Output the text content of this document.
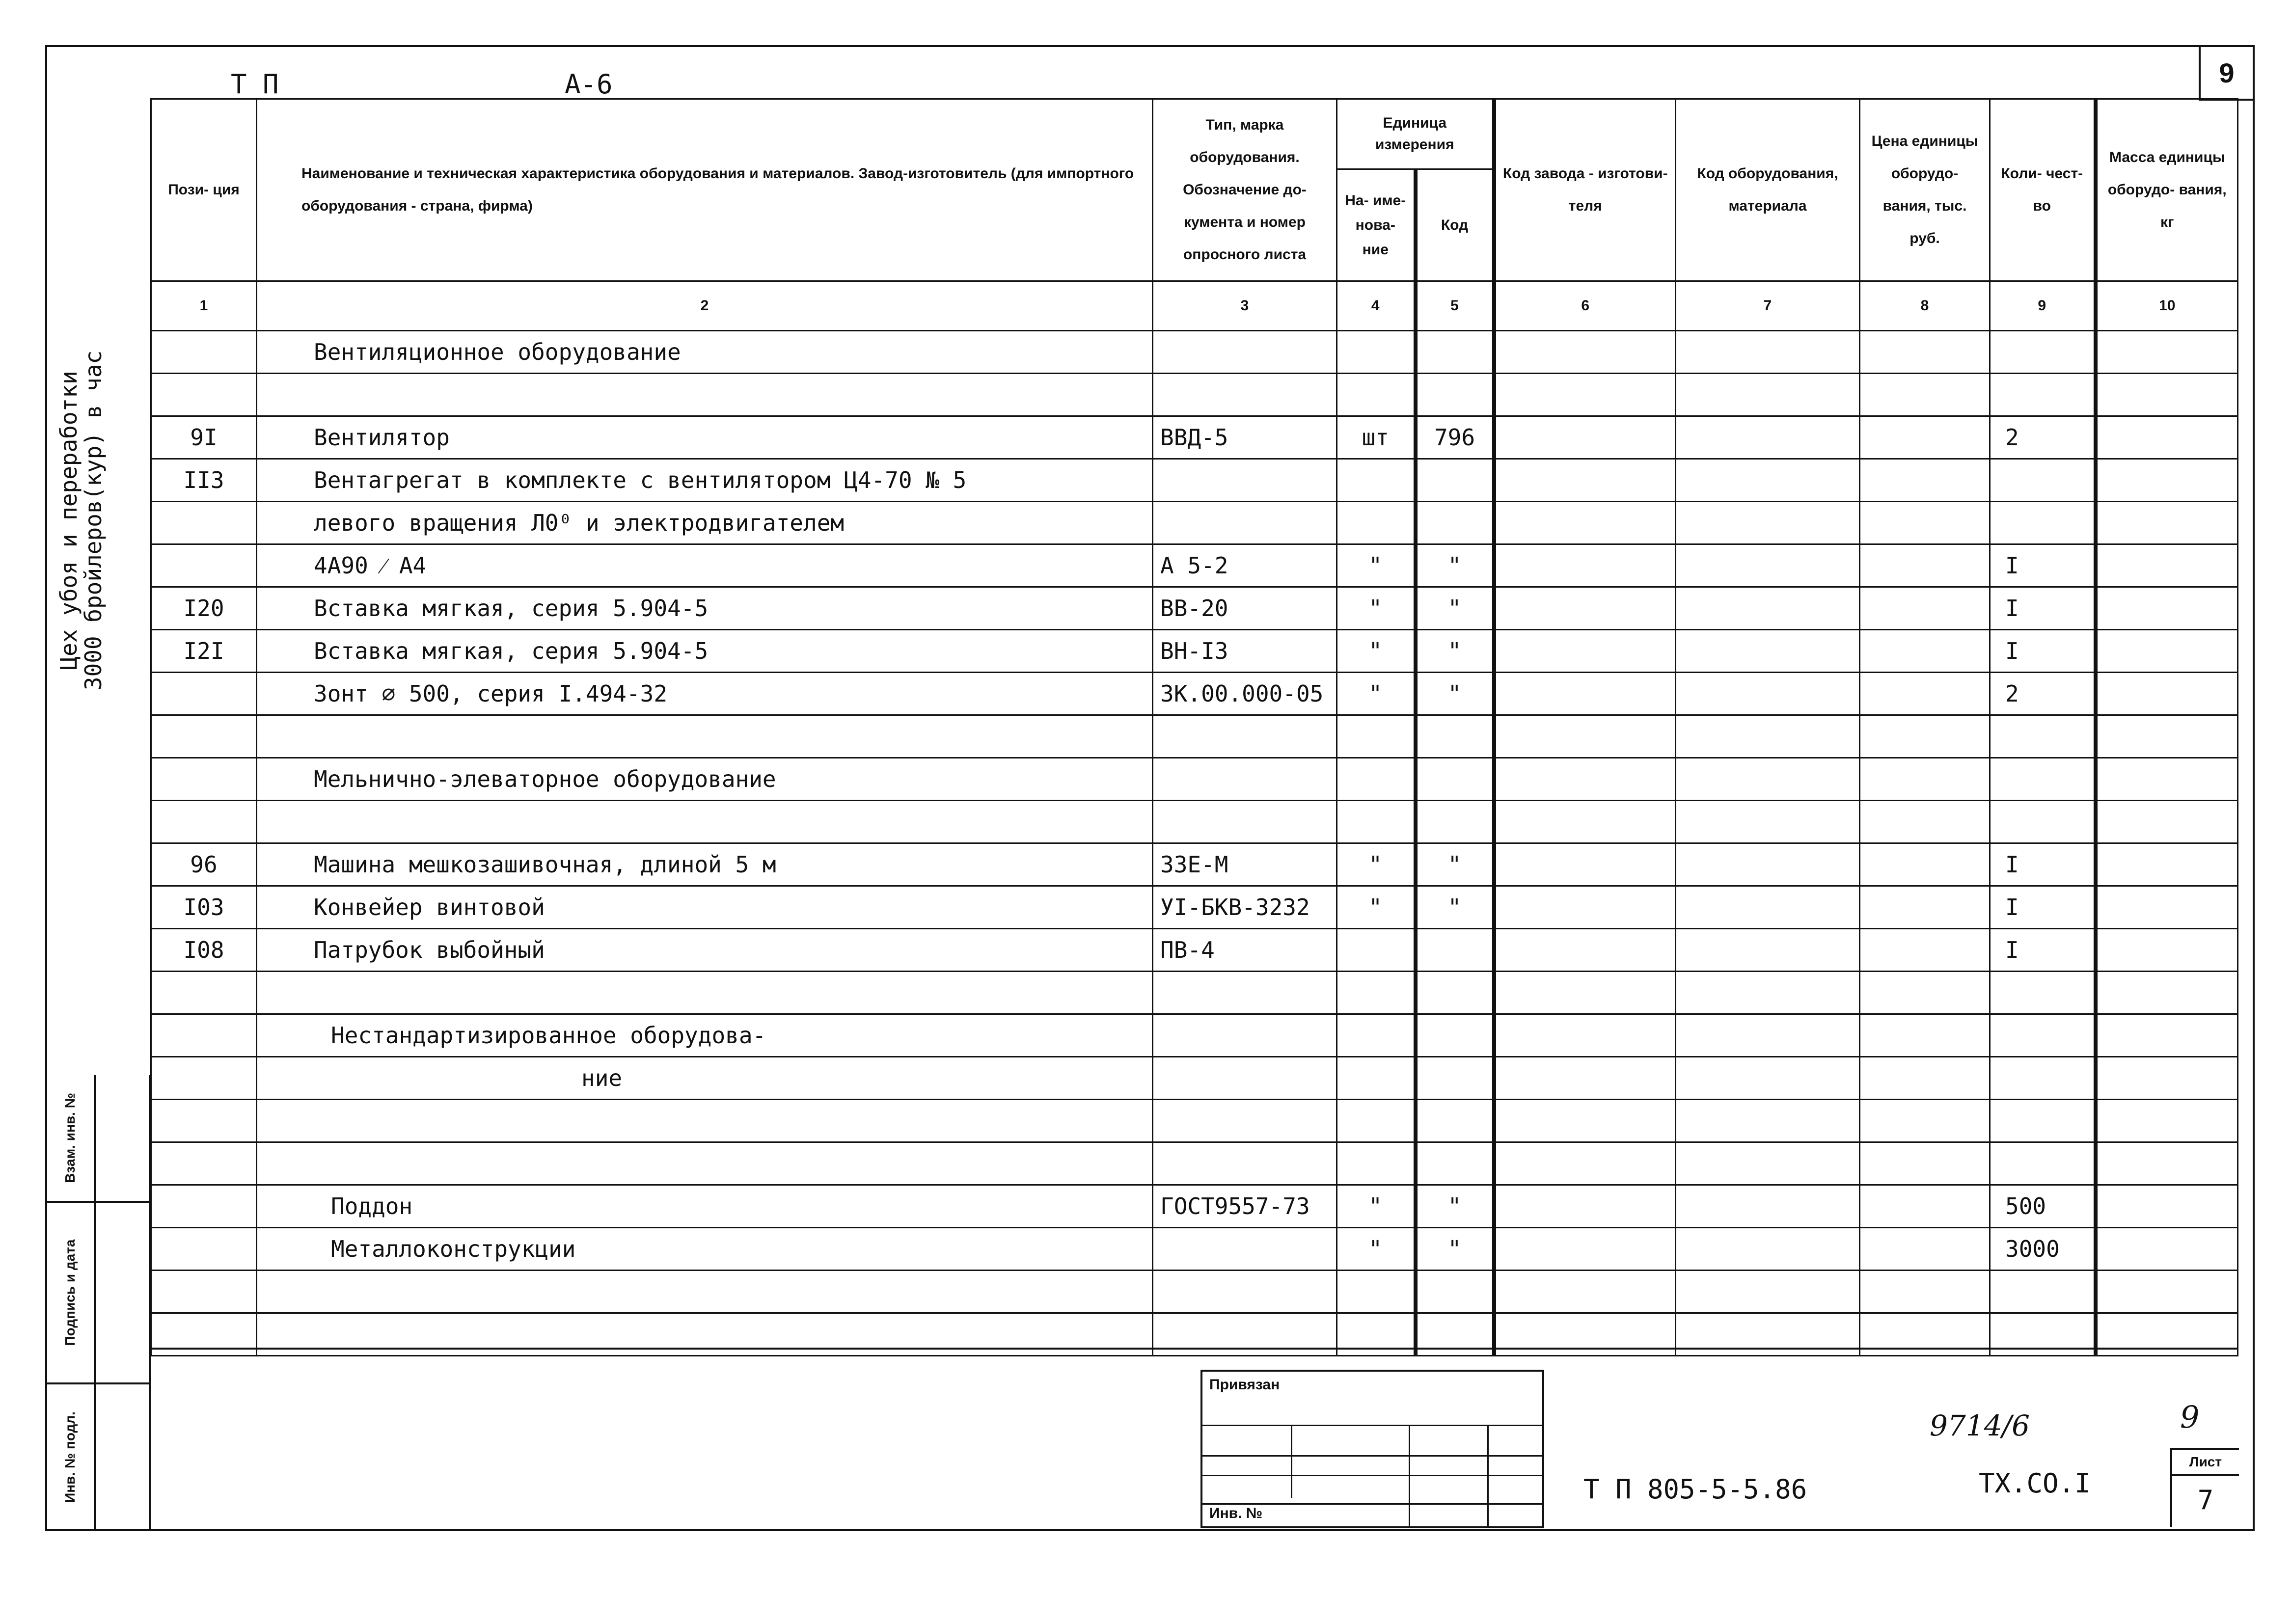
9
Т П	А-6
Цех убоя и переработки
3000 бройлеров(кур) в час
Пози- ция	Наименование и техническая характеристика оборудования и материалов. Завод-изготовитель (для импортного оборудования - страна, фирма)	Тип, марка оборудования. Обозначение до- кумента и номер опросного листа	Единица измерения		Код завода - изготови- теля	Код оборудования, материала	Цена единицы оборудо- вания, тыс. руб.	Коли- чест- во	Масса единицы оборудо- вания, кг
			На- име- нова- ние	Код					
1	2	3	4	5	6	7	8	9	10
	Вентиляционное оборудование								

9I	Вентилятор	ВВД-5	шт	796				2	
II3	Вентагрегат в комплекте с вентилятором Ц4-70 № 5								
	левого вращения Л0⁰ и электродвигателем								
	4А90 ⁄ А4	А 5-2	"	"				I	
I20	Вставка мягкая, серия 5.904-5	ВВ-20	"	"				I	
I2I	Вставка мягкая, серия 5.904-5	ВН-I3	"	"				I	
	Зонт ⌀ 500, серия I.494-32	ЗК.00.000-05	"	"				2	

	Мельнично-элеваторное оборудование								

96	Машина мешкозашивочная, длиной 5 м	ЗЗЕ-М	"	"				I	
I03	Конвейер винтовой	УI-БКВ-3232	"	"				I	
I08	Патрубок выбойный	ПВ-4						I	

	Нестандартизированное оборудова-								
	ние								

	Поддон	ГОСТ9557-73	"	"				500	
	Металлоконструкции		"	"				3000	

Взам. инв. №
Подпись и дата
Инв. № подл.
Привязан
Инв. №
9714/6	9
Т П 805-5-5.86	ТХ.СО.I
Лист
7
